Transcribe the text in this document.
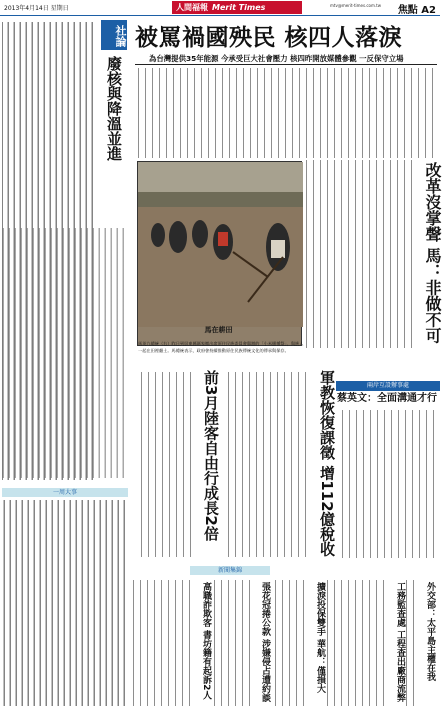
2013年4月14日 星期日	人間福報 Merit Times	mtv@merit-times.com.tw 焦點 A2
社論
廢核與降溫並進
被罵禍國殃民 核四人落淚
為台灣提供35年能源 今承受巨大社會壓力 核四昨開放媒體參觀 一反保守立場
改革沒掌聲 馬：非做不可
馬在耕田
馬英九總統（右）昨日到屏東縣瑪家鄉出席原住民族委員會舉辦的「小米播種祭」，與族人一起在田裡翻土。馬總統表示，政府會持續推動原住民族傳統文化的傳承與保存。
前3月陸客自由行成長2倍	軍教恢復課徵 增112億稅收	兩岸互設辦事處
蔡英文：全面溝通才行
一周大事
新聞集錦
高職詐欺客 書坊籍有起訴2人	張花冠捲公款 涉嫌侵占遭約談	擴淚投保雙手 華航：僅損大	工務監查處 工程查出廠商流弊	外交部：太平島主權在我
